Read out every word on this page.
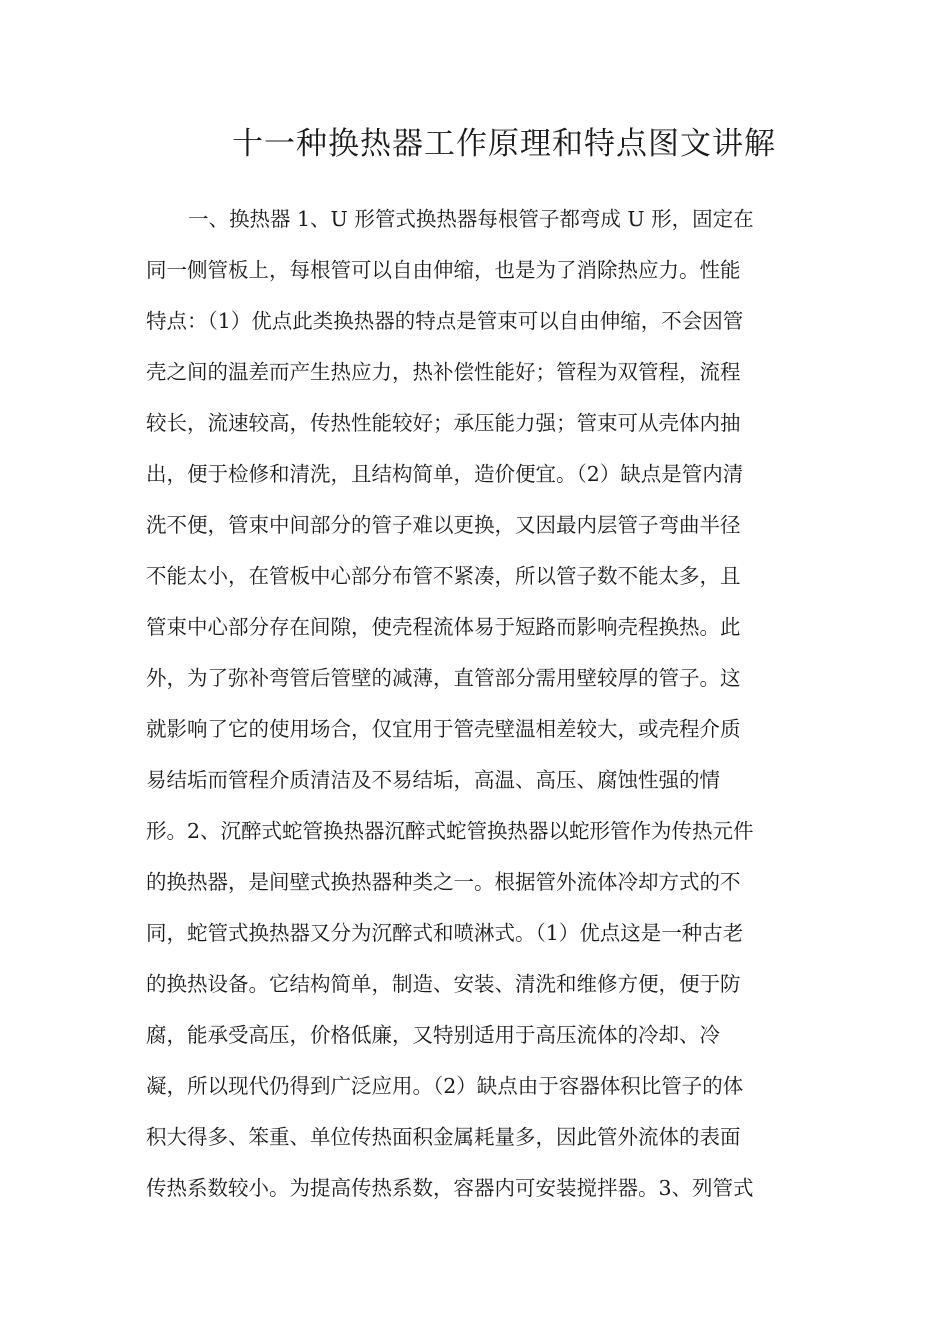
十一种换热器工作原理和特点图文讲解
一、换热器 1、U 形管式换热器每根管子都弯成 U 形，固定在
同一侧管板上，每根管可以自由伸缩，也是为了消除热应力。性能
特点：（1）优点此类换热器的特点是管束可以自由伸缩，不会因管
壳之间的温差而产生热应力，热补偿性能好；管程为双管程，流程
较长，流速较高，传热性能较好；承压能力强；管束可从壳体内抽
出，便于检修和清洗，且结构简单，造价便宜。（2）缺点是管内清
洗不便，管束中间部分的管子难以更换，又因最内层管子弯曲半径
不能太小，在管板中心部分布管不紧凑，所以管子数不能太多，且
管束中心部分存在间隙，使壳程流体易于短路而影响壳程换热。此
外，为了弥补弯管后管壁的减薄，直管部分需用壁较厚的管子。这
就影响了它的使用场合，仅宜用于管壳壁温相差较大，或壳程介质
易结垢而管程介质清洁及不易结垢，高温、高压、腐蚀性强的情
形。2、沉醉式蛇管换热器沉醉式蛇管换热器以蛇形管作为传热元件
的换热器，是间壁式换热器种类之一。根据管外流体冷却方式的不
同，蛇管式换热器又分为沉醉式和喷淋式。（1）优点这是一种古老
的换热设备。它结构简单，制造、安装、清洗和维修方便，便于防
腐，能承受高压，价格低廉，又特别适用于高压流体的冷却、冷
凝，所以现代仍得到广泛应用。（2）缺点由于容器体积比管子的体
积大得多、笨重、单位传热面积金属耗量多，因此管外流体的表面
传热系数较小。为提高传热系数，容器内可安装搅拌器。3、列管式
